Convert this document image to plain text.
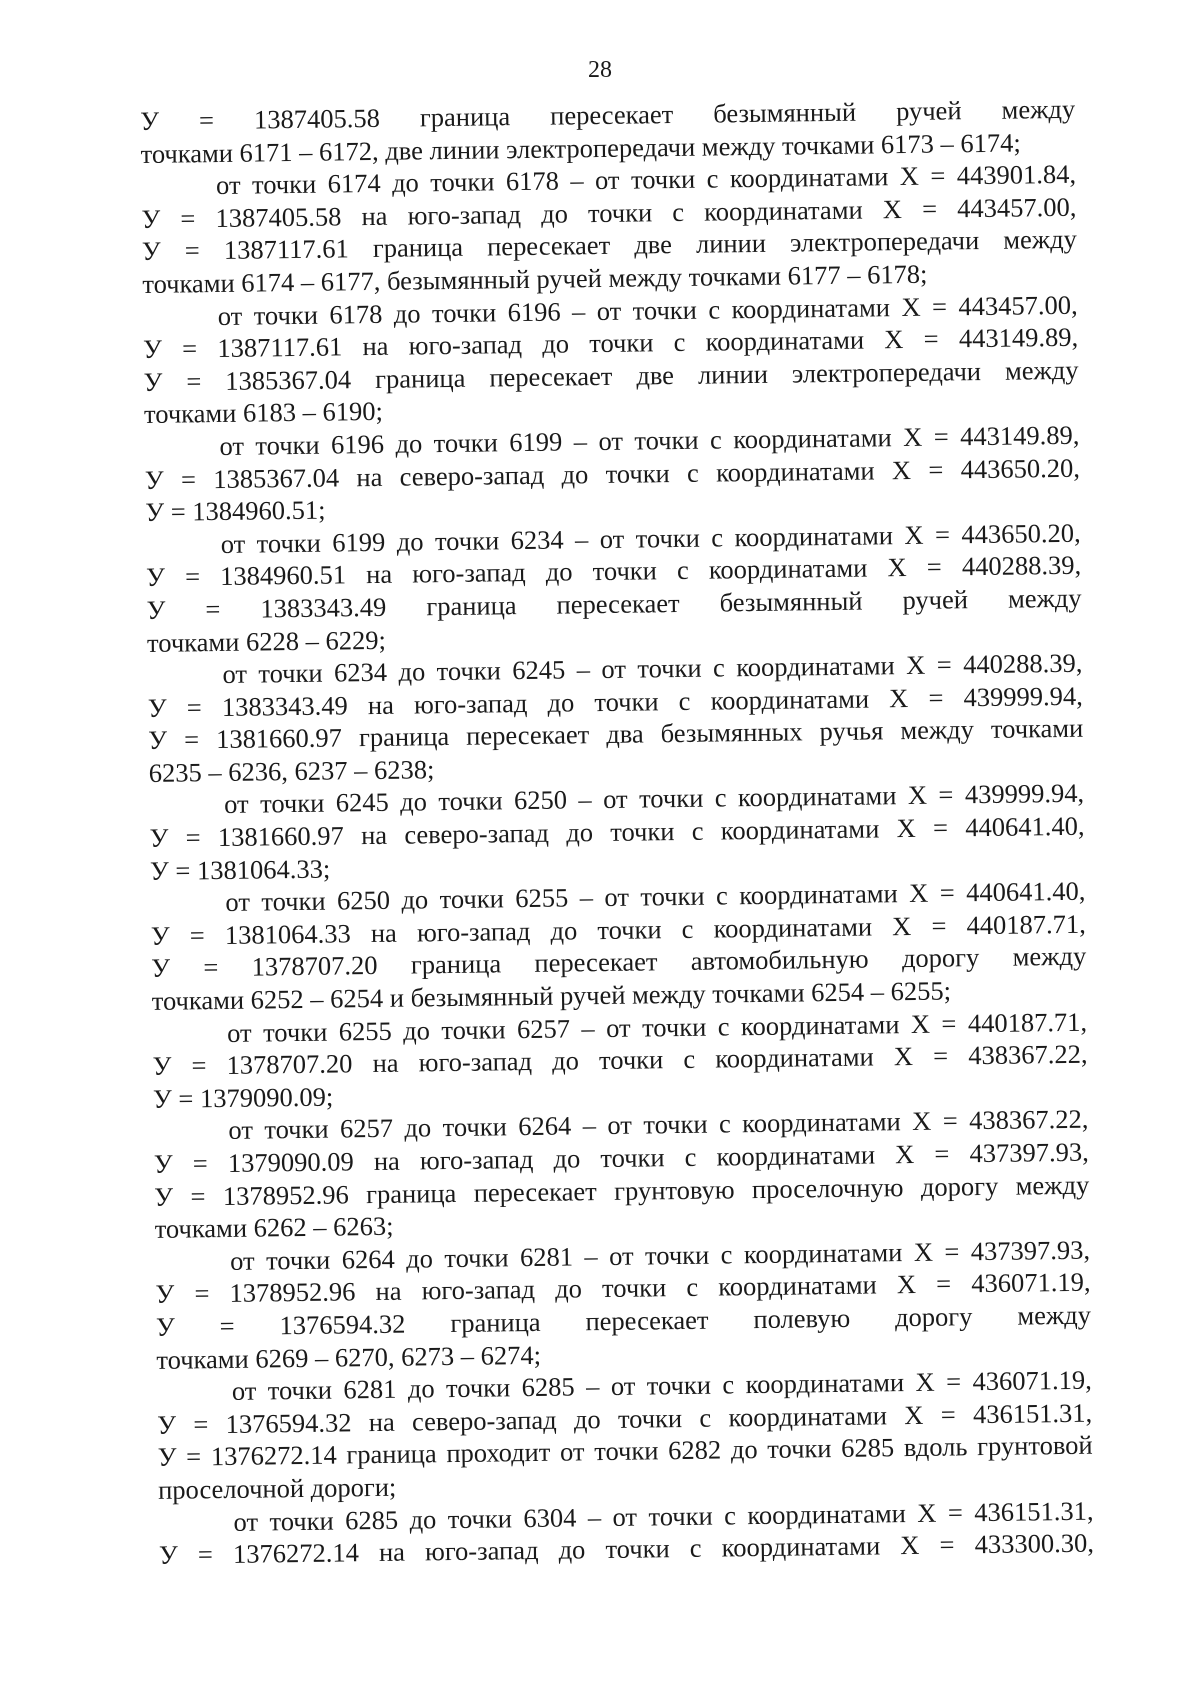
28
У = 1387405.58 граница пересекает безымянный ручей между
точками 6171 – 6172, две линии электропередачи между точками 6173 – 6174;
от точки 6174 до точки 6178 – от точки с координатами Х = 443901.84,
У = 1387405.58 на юго-запад до точки с координатами Х = 443457.00,
У = 1387117.61 граница пересекает две линии электропередачи между
точками 6174 – 6177, безымянный ручей между точками 6177 – 6178;
от точки 6178 до точки 6196 – от точки с координатами Х = 443457.00,
У = 1387117.61 на юго-запад до точки с координатами Х = 443149.89,
У = 1385367.04 граница пересекает две линии электропередачи между
точками 6183 – 6190;
от точки 6196 до точки 6199 – от точки с координатами Х = 443149.89,
У = 1385367.04 на северо-запад до точки с координатами Х = 443650.20,
У = 1384960.51;
от точки 6199 до точки 6234 – от точки с координатами Х = 443650.20,
У = 1384960.51 на юго-запад до точки с координатами Х = 440288.39,
У = 1383343.49 граница пересекает безымянный ручей между
точками 6228 – 6229;
от точки 6234 до точки 6245 – от точки с координатами Х = 440288.39,
У = 1383343.49 на юго-запад до точки с координатами Х = 439999.94,
У = 1381660.97 граница пересекает два безымянных ручья между точками
6235 – 6236, 6237 – 6238;
от точки 6245 до точки 6250 – от точки с координатами Х = 439999.94,
У = 1381660.97 на северо-запад до точки с координатами Х = 440641.40,
У = 1381064.33;
от точки 6250 до точки 6255 – от точки с координатами Х = 440641.40,
У = 1381064.33 на юго-запад до точки с координатами Х = 440187.71,
У = 1378707.20 граница пересекает автомобильную дорогу между
точками 6252 – 6254 и безымянный ручей между точками 6254 – 6255;
от точки 6255 до точки 6257 – от точки с координатами Х = 440187.71,
У = 1378707.20 на юго-запад до точки с координатами Х = 438367.22,
У = 1379090.09;
от точки 6257 до точки 6264 – от точки с координатами Х = 438367.22,
У = 1379090.09 на юго-запад до точки с координатами Х = 437397.93,
У = 1378952.96 граница пересекает грунтовую проселочную дорогу между
точками 6262 – 6263;
от точки 6264 до точки 6281 – от точки с координатами Х = 437397.93,
У = 1378952.96 на юго-запад до точки с координатами Х = 436071.19,
У = 1376594.32 граница пересекает полевую дорогу между
точками 6269 – 6270, 6273 – 6274;
от точки 6281 до точки 6285 – от точки с координатами Х = 436071.19,
У = 1376594.32 на северо-запад до точки с координатами Х = 436151.31,
У = 1376272.14 граница проходит от точки 6282 до точки 6285 вдоль грунтовой
проселочной дороги;
от точки 6285 до точки 6304 – от точки с координатами Х = 436151.31,
У = 1376272.14 на юго-запад до точки с координатами Х = 433300.30,
